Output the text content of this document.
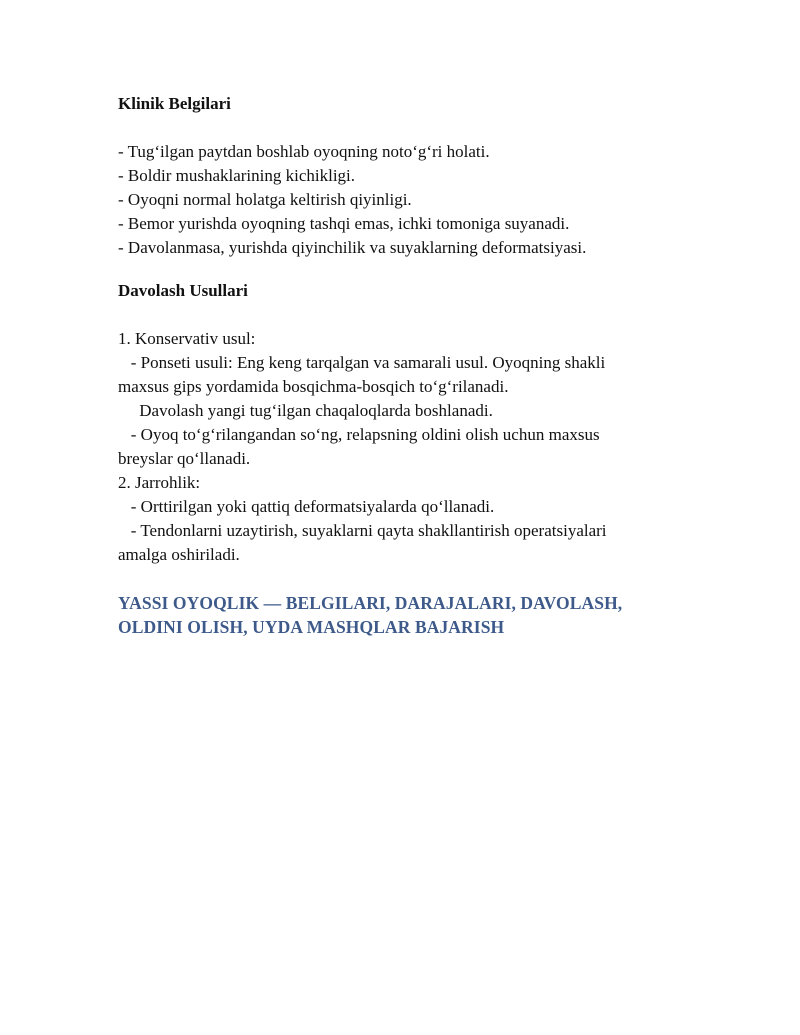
Klinik Belgilari

- Tug‘ilgan paytdan boshlab oyoqning noto‘g‘ri holati.

- Boldir mushaklarining kichikligi.

- Oyoqni normal holatga keltirish qiyinligi.

- Bemor yurishda oyoqning tashqi emas, ichki tomoniga suyanadi.

- Davolanmasa, yurishda qiyinchilik va suyaklarning deformatsiyasi.

Davolash Usullari

1. Konservativ usul:

- Ponseti usuli: Eng keng tarqalgan va samarali usul. Oyoqning shakli

maxsus gips yordamida bosqichma-bosqich to‘g‘rilanadi.

Davolash yangi tug‘ilgan chaqaloqlarda boshlanadi.

- Oyoq to‘g‘rilangandan so‘ng, relapsning oldini olish uchun maxsus

breyslar qo‘llanadi.

2. Jarrohlik:

- Orttirilgan yoki qattiq deformatsiyalarda qo‘llanadi.

- Tendonlarni uzaytirish, suyaklarni qayta shakllantirish operatsiyalari

amalga oshiriladi.

YASSI OYOQLIK — BELGILARI, DARAJALARI, DAVOLASH,
OLDINI OLISH, UYDA MASHQLAR BAJARISH
